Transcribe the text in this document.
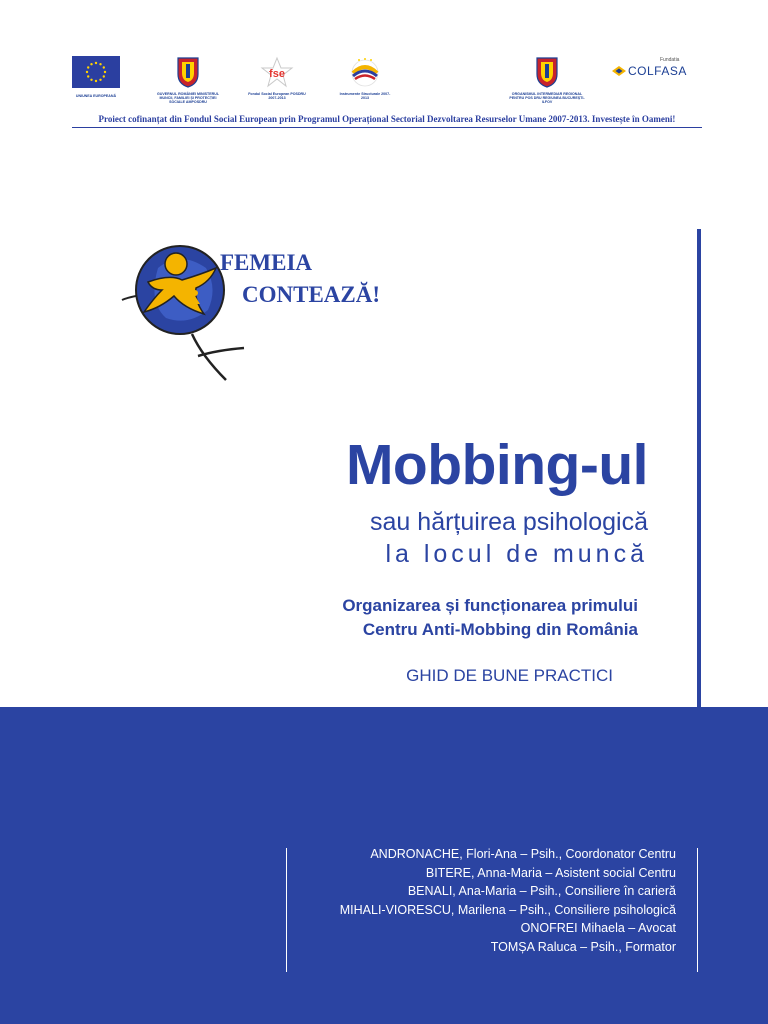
UNIUNEA EUROPEANĂ	GUVERNUL ROMÂNIEI MINISTERUL MUNCII, FAMILIEI ȘI PROTECȚIEI SOCIALE AMPOSDRU
fse
Fondul Social European POSDRU 2007-2013
Instrumente Structurale 2007-2013
ORGANISMUL INTERMEDIAR REGIONAL PENTRU POS DRU REGIUNEA BUCUREȘTI-ILFOV
Fundatia
COLFASA
Proiect cofinanțat din Fondul Social European prin Programul Operațional Sectorial Dezvoltarea Resurselor Umane 2007-2013. Investește în Oameni!
FEMEIA
CONTEAZĂ!
Mobbing-ul
sau hărțuirea psihologică
la locul de muncă
Organizarea și funcționarea primului
Centru Anti-Mobbing din România
GHID DE BUNE PRACTICI
ANDRONACHE, Flori-Ana – Psih., Coordonator Centru
BITERE, Anna-Maria – Asistent social Centru
BENALI, Ana-Maria – Psih., Consiliere în carieră
MIHALI-VIORESCU, Marilena – Psih., Consiliere psihologică
ONOFREI Mihaela – Avocat
TOMȘA Raluca – Psih., Formator
